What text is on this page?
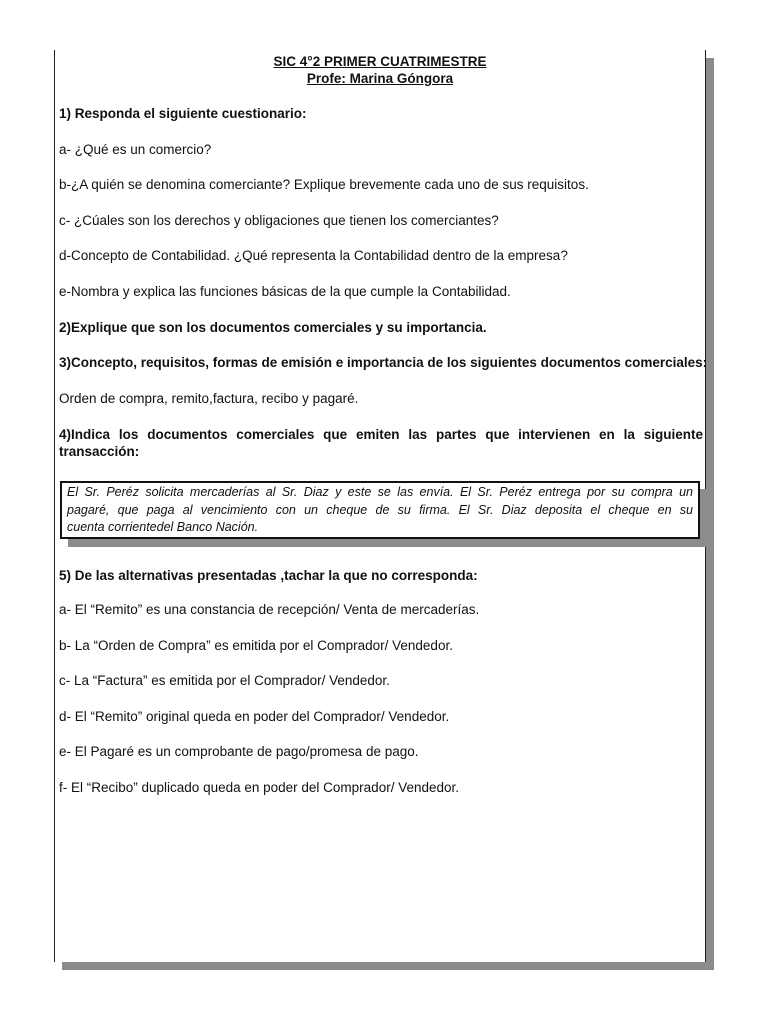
SIC 4°2 PRIMER CUATRIMESTRE
Profe: Marina Góngora
1) Responda el siguiente cuestionario:
a- ¿Qué es un comercio?
b-¿A quién se denomina comerciante? Explique brevemente cada uno de sus requisitos.
c- ¿Cúales son los derechos y obligaciones que tienen los comerciantes?
d-Concepto de Contabilidad. ¿Qué representa la Contabilidad dentro de la empresa?
e-Nombra y explica las funciones básicas de la que cumple la Contabilidad.
2)Explique que son los documentos comerciales y su importancia.
3)Concepto, requisitos, formas de emisión e importancia de los siguientes documentos comerciales:
Orden de compra, remito,factura, recibo y pagaré.
4)Indica los documentos comerciales que emiten las partes que intervienen en la siguiente
transacción:
El Sr. Peréz solicita mercaderías al Sr. Diaz y este se las envía. El Sr. Peréz entrega por su compra un
pagaré, que paga al vencimiento con un cheque de su firma. El Sr. Diaz deposita el cheque en su
cuenta corrientedel Banco Nación.
5) De las alternativas presentadas ,tachar la que no corresponda:
a- El “Remito” es una constancia de recepción/ Venta de mercaderías.
b- La “Orden de Compra” es emitida por el Comprador/ Vendedor.
c- La “Factura” es emitida por el Comprador/ Vendedor.
d- El “Remito” original queda en poder del Comprador/ Vendedor.
e- El Pagaré es un comprobante de pago/promesa de pago.
f- El “Recibo” duplicado queda en poder del Comprador/ Vendedor.
